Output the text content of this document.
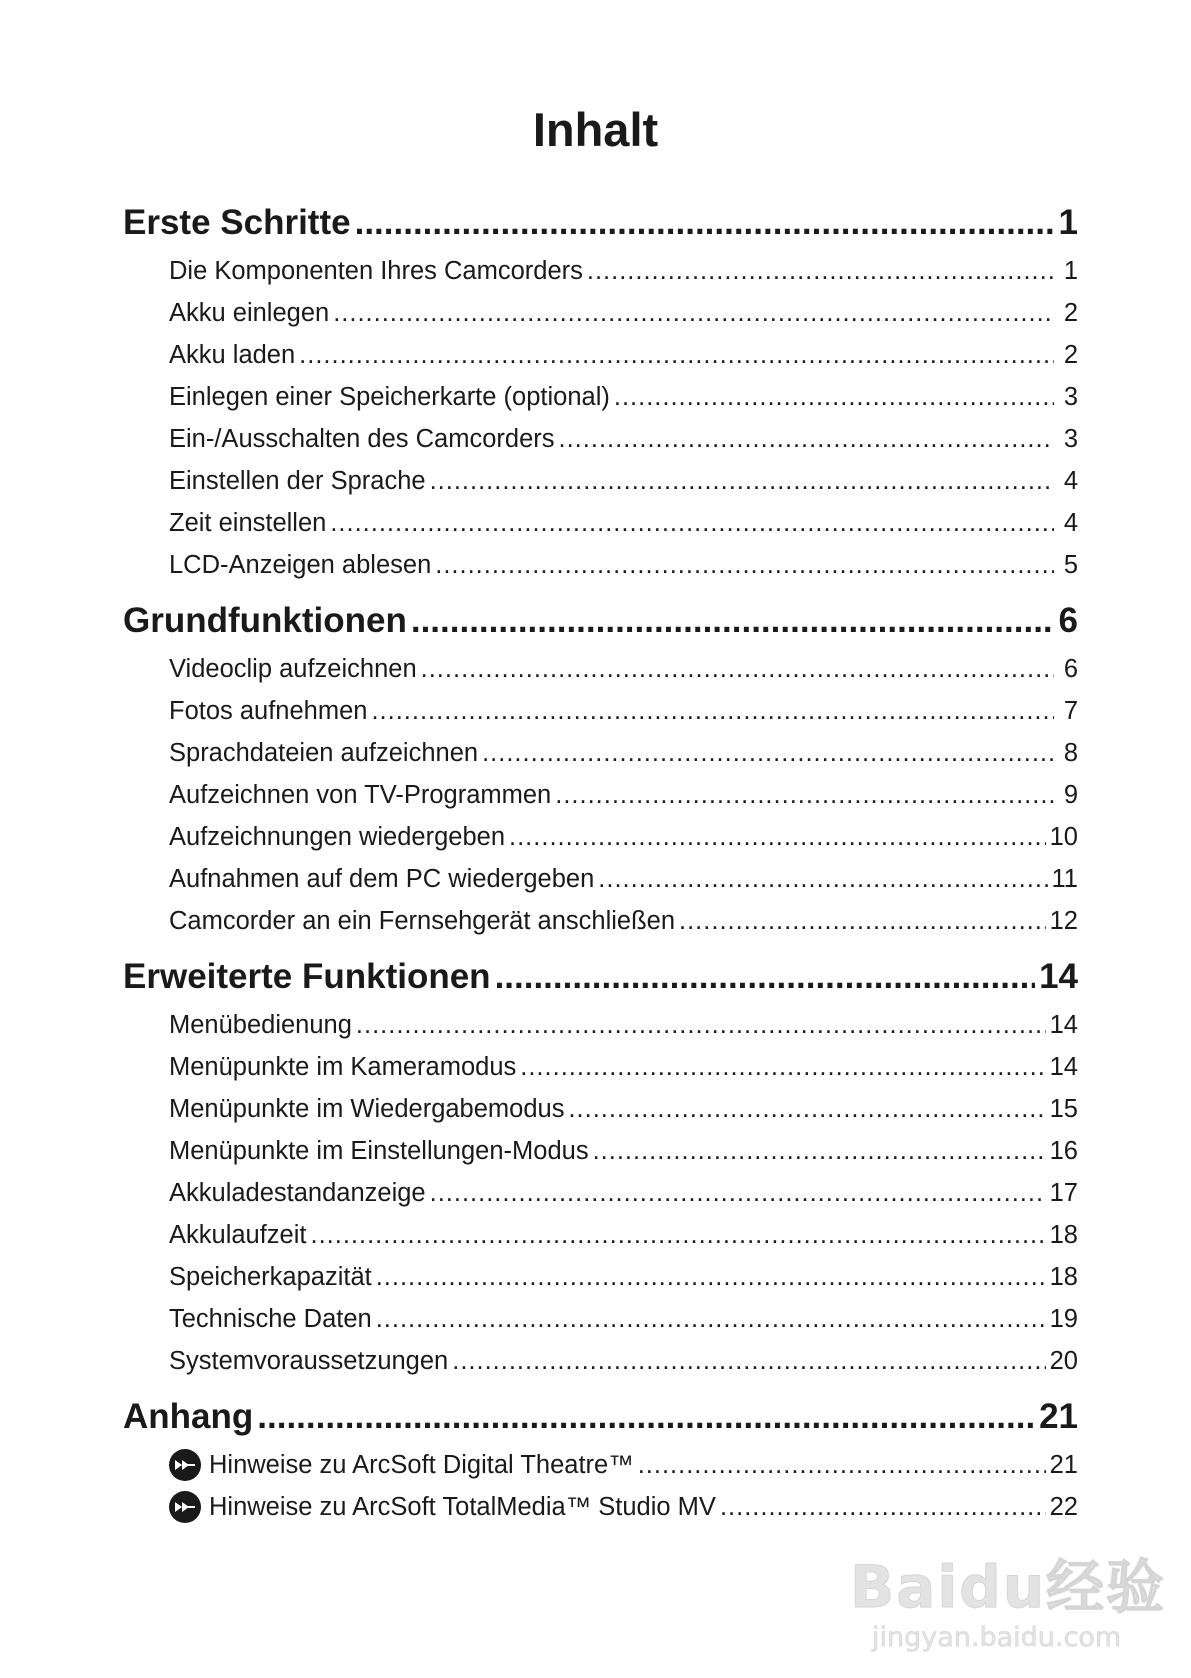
Inhalt
Erste Schritte .....	1
Die Komponenten Ihres Camcorders .....	1
Akku einlegen .....	2
Akku laden .....	2
Einlegen einer Speicherkarte (optional) .....	3
Ein-/Ausschalten des Camcorders .....	3
Einstellen der Sprache .....	4
Zeit einstellen .....	4
LCD-Anzeigen ablesen .....	5
Grundfunktionen .....	6
Videoclip aufzeichnen .....	6
Fotos aufnehmen .....	7
Sprachdateien aufzeichnen .....	8
Aufzeichnen von TV-Programmen .....	9
Aufzeichnungen wiedergeben .....	10
Aufnahmen auf dem PC wiedergeben .....	11
Camcorder an ein Fernsehgerät anschließen .....	12
Erweiterte Funktionen .....	14
Menübedienung .....	14
Menüpunkte im Kameramodus .....	14
Menüpunkte im Wiedergabemodus .....	15
Menüpunkte im Einstellungen-Modus .....	16
Akkuladestandanzeige .....	17
Akkulaufzeit .....	18
Speicherkapazität .....	18
Technische Daten .....	19
Systemvoraussetzungen .....	20
Anhang .....	21
Hinweise zu ArcSoft Digital Theatre™ .....	21
Hinweise zu ArcSoft TotalMedia™ Studio MV .....	22
Baidu经验
jingyan.baidu.com
